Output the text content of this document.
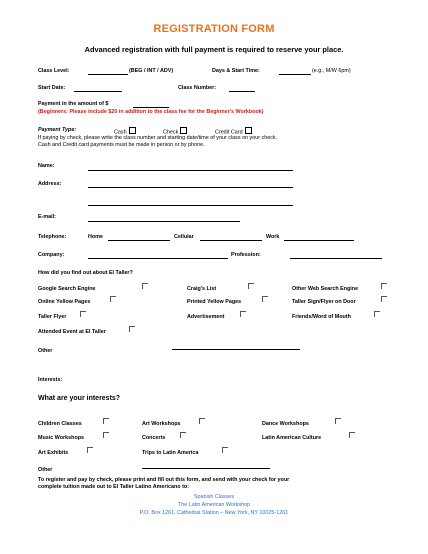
REGISTRATION FORM
Advanced registration with full payment is required to reserve your place.
Class Level:	(BEG / INT / ADV)	Days & Start Time:	(e.g., M/W 6pm)
Start Date:	Class Number:
Payment in the amount of $
(Beginners: Please include $20 in addition to the class fee for the Beginner's Workbook)
Payment Type:	Cash	Check	Credit Card
If paying by check, please write the class number and starting date/time of your class on your check.
Cash and Credit card payments must be made in person or by phone.
Name:
Address:
E-mail:
Telephone:	Home	Cellular	Work
Company:	Profession:
How did you find out about El Taller?
Google Search Engine	Craig's List	Other Web Search Engine
Online Yellow Pages	Printed Yellow Pages	Taller Sign/Flyer on Door
Taller Flyer	Advertisement	Friends/Word of Mouth
Attended Event at El Taller
Other
Interests:
What are your interests?
Children Classes	Art Workshops	Dance Workshops
Music Workshops	Concerts	Latin American Culture
Art Exhibits	Trips to Latin America
Other
To register and pay by check, please print and fill out this form, and send with your check for your
complete tuition made out to El Taller Latino Americano to:
Spanish Classes
The Latin American Workshop
P.O. Box 1261, Cathedral Station – New York, NY 10025-1261
